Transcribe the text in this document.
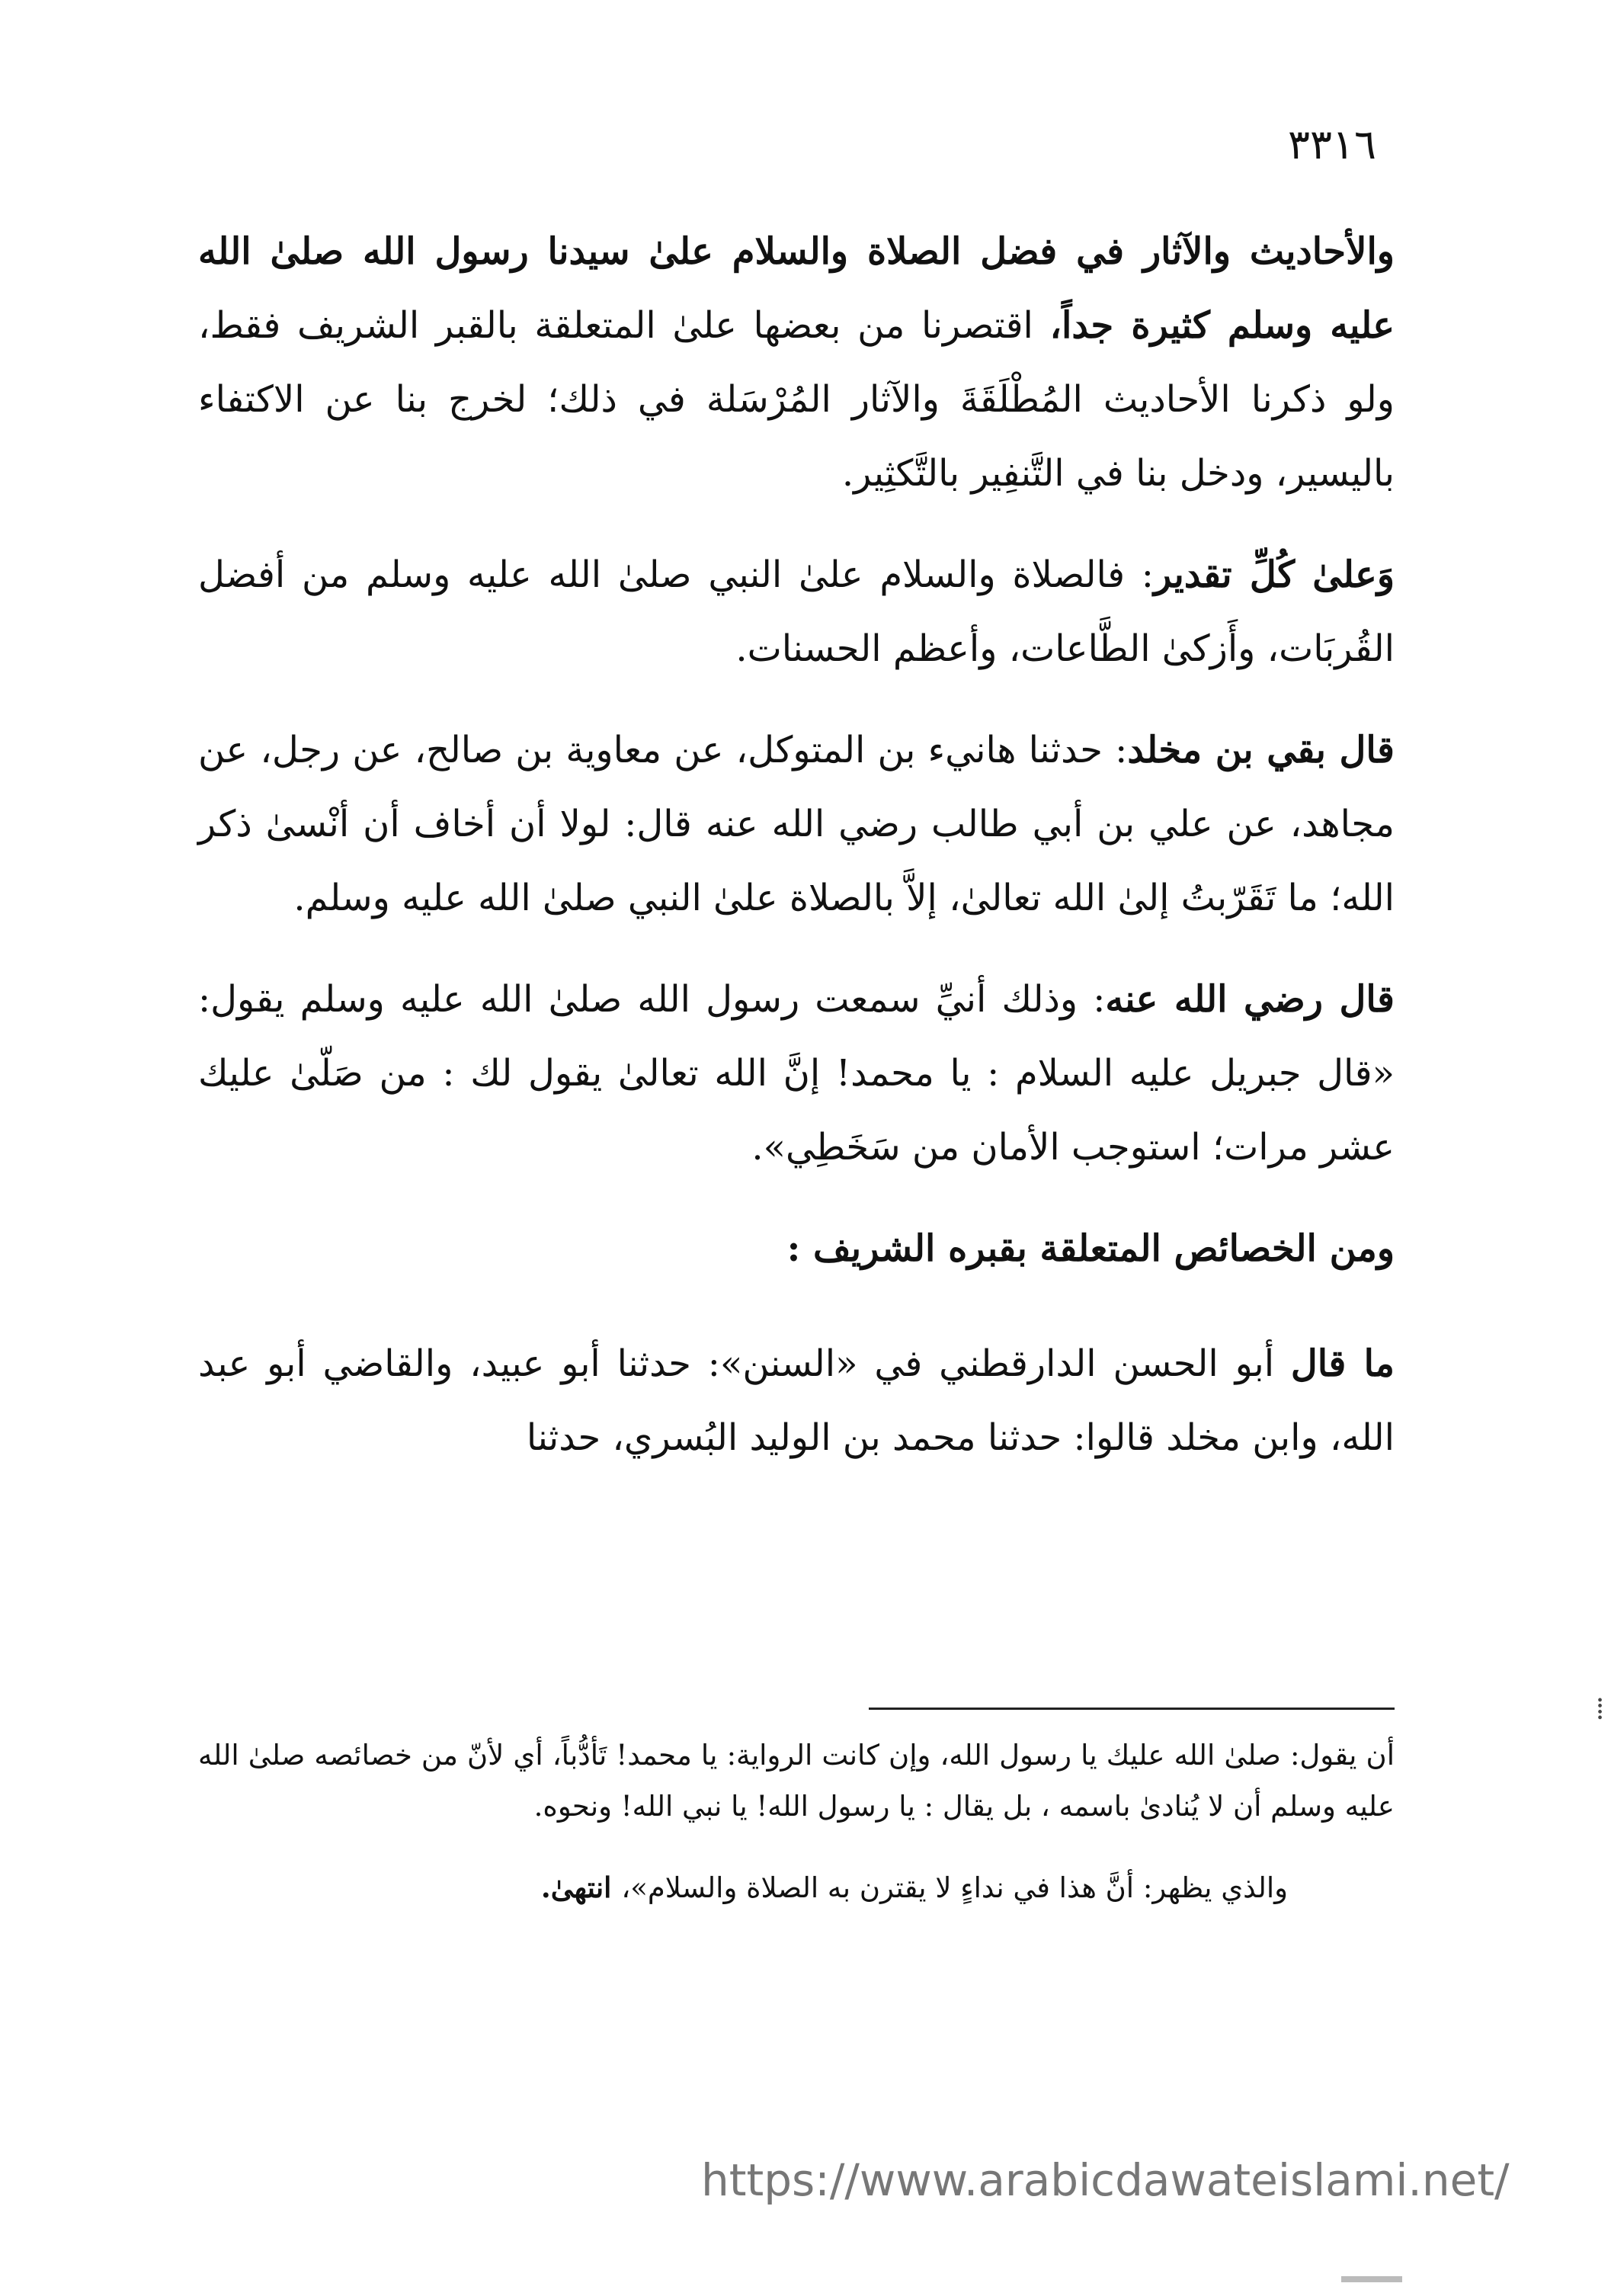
٣٣١٦

والأحاديث والآثار في فضل الصلاة والسلام علىٰ سيدنا رسول الله صلىٰ الله عليه وسلم كثيرة جداً، اقتصرنا من بعضها علىٰ المتعلقة بالقبر الشريف فقط، ولو ذكرنا الأحاديث المُطْلَقَةَ والآثار المُرْسَلة في ذلك؛ لخرج بنا عن الاكتفاء باليسير، ودخل بنا في التَّنفِير بالتَّكثِير.

وَعلىٰ كُلِّ تقدير: فالصلاة والسلام علىٰ النبي صلىٰ الله عليه وسلم من أفضل القُربَات، وأَزكىٰ الطَّاعات، وأعظم الحسنات.

قال بقي بن مخلد: حدثنا هانيء بن المتوكل، عن معاوية بن صالح، عن رجل، عن مجاهد، عن علي بن أبي طالب رضي الله عنه قال: لولا أن أخاف أن أنْسىٰ ذكر الله؛ ما تَقَرّبتُ إلىٰ الله تعالىٰ، إلاَّ بالصلاة علىٰ النبي صلىٰ الله عليه وسلم.

قال رضي الله عنه: وذلك أنيِّ سمعت رسول الله صلىٰ الله عليه وسلم يقول: «قال جبريل عليه السلام : يا محمد! إنَّ الله تعالىٰ يقول لك : من صَلّىٰ عليك عشر مرات؛ استوجب الأمان من سَخَطِي».

ومن الخصائص المتعلقة بقبره الشريف :

ما قال أبو الحسن الدارقطني في «السنن»: حدثنا أبو عبيد، والقاضي أبو عبد الله، وابن مخلد قالوا: حدثنا محمد بن الوليد البُسري، حدثنا

أن يقول: صلىٰ الله عليك يا رسول الله، وإن كانت الرواية: يا محمد! تَأدُّباً، أي لأنّ من خصائصه صلىٰ الله عليه وسلم أن لا يُنادىٰ باسمه ، بل يقال : يا رسول الله! يا نبي الله! ونحوه.

والذي يظهر: أنَّ هذا في نداءٍ لا يقترن به الصلاة والسلام»، انتهىٰ.

⁞
https://www.arabicdawateislami.net/
